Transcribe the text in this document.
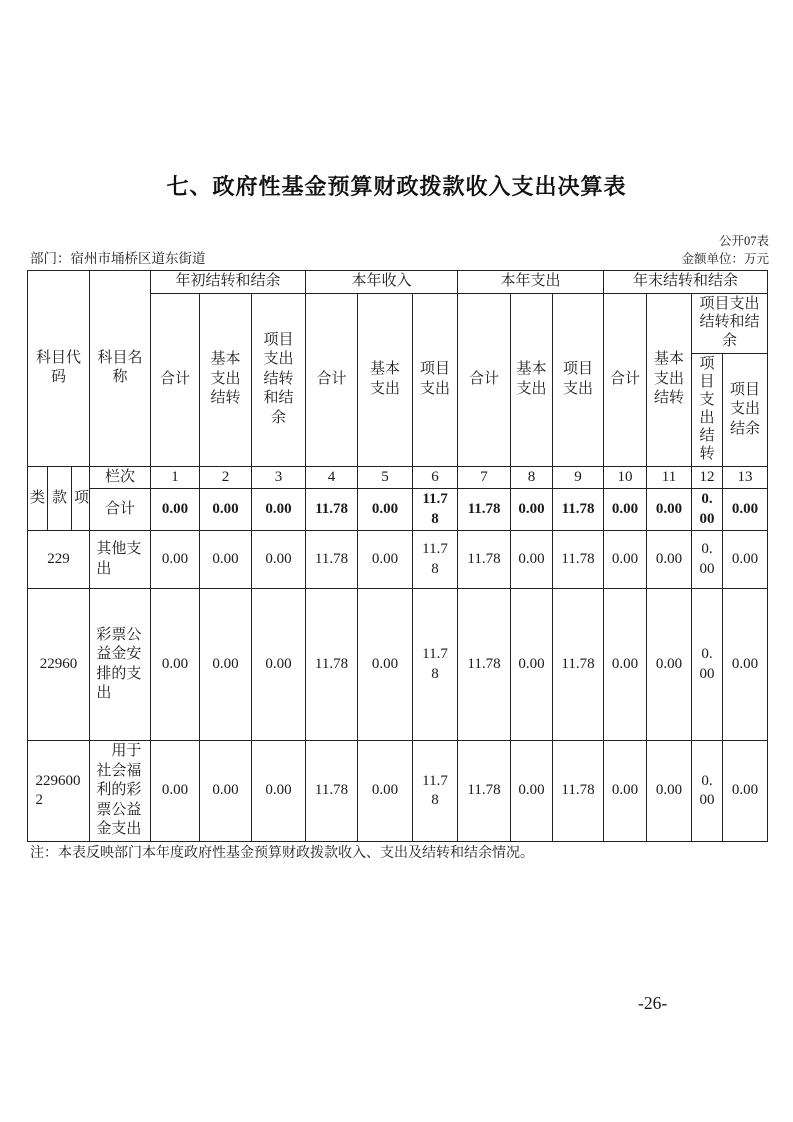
七、政府性基金预算财政拨款收入支出决算表
公开07表
部门：宿州市埇桥区道东街道	金额单位：万元
科目代码			科目名称	年初结转和结余			本年收入			本年支出			年末结转和结余			
				合计	基本支出结转	项目支出结转和结余	合计	基本支出	项目支出	合计	基本支出	项目支出	合计	基本支出结转	项目支出结转和结余	
															项目支出结转	项目支出结余
类	款	项	栏次	1	2	3	4	5	6	7	8	9	10	11	12	13
			合计	0.00	0.00	0.00	11.78	0.00	11.78	11.78	0.00	11.78	0.00	0.00	0.00	0.00
229			其他支出	0.00	0.00	0.00	11.78	0.00	11.78	11.78	0.00	11.78	0.00	0.00	0.00	0.00
22960			彩票公益金安排的支出	0.00	0.00	0.00	11.78	0.00	11.78	11.78	0.00	11.78	0.00	0.00	0.00	0.00
2296002			　用于社会福利的彩票公益金支出	0.00	0.00	0.00	11.78	0.00	11.78	11.78	0.00	11.78	0.00	0.00	0.00	0.00
注：本表反映部门本年度政府性基金预算财政拨款收入、支出及结转和结余情况。
-26-
